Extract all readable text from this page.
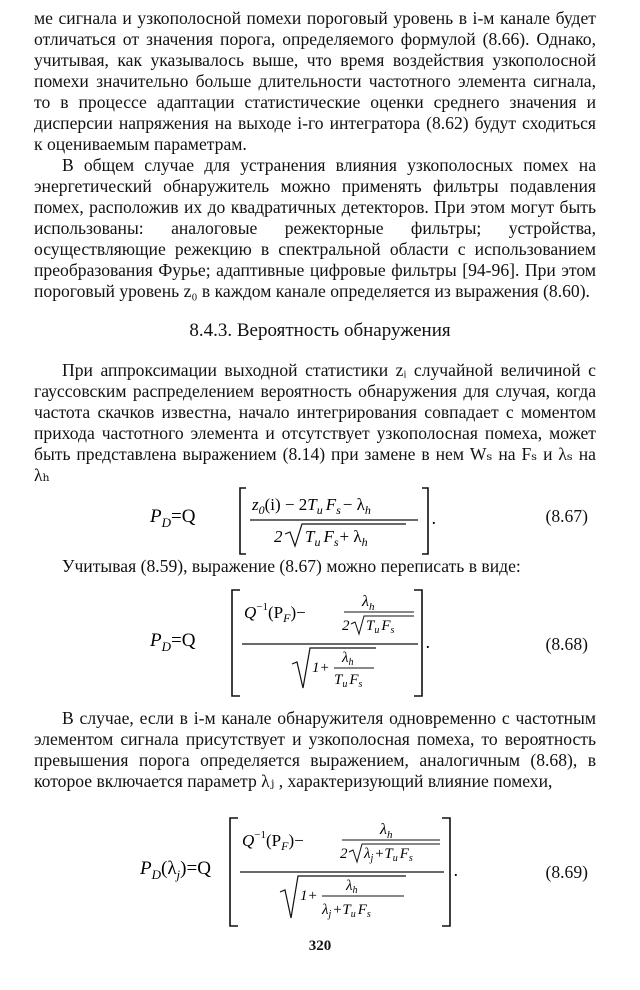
ме сигнала и узкополосной помехи пороговый уровень в i-м канале будет отличаться от значения порога, определяемого формулой (8.66). Однако, учитывая, как указывалось выше, что время воздействия узкополосной помехи значительно больше длительности частотного элемента сигнала, то в процессе адаптации статистические оценки среднего значения и дисперсии напряжения на выходе i-го интегратора (8.62) будут сходиться к оцениваемым параметрам.

В общем случае для устранения влияния узкополосных помех на энергетический обнаружитель можно применять фильтры подавления помех, расположив их до квадратичных детекторов. При этом могут быть использованы: аналоговые режекторные фильтры; устройства, осуществляющие режекцию в спектральной области с использованием преобразования Фурье; адаптивные цифровые фильтры [94-96]. При этом пороговый уровень z₀ в каждом канале определяется из выражения (8.60).

8.4.3. Вероятность обнаружения

При аппроксимации выходной статистики zᵢ случайной величиной с гауссовским распределением вероятность обнаружения для случая, когда частота скачков известна, начало интегрирования совпадает с моментом прихода частотного элемента и отсутствует узкополосная помеха, может быть представлена выражением (8.14) при замене в нем Wₛ на Fₛ и λₛ на λₕ

$P_D=Q$
$z_0(i) - 2T_и$ $F_s - \lambda_h$
2 $T_и$ $F_s+ \lambda_h$
.	(8.67)

Учитывая (8.59), выражение (8.67) можно переписать в виде:

$P_D=Q$
$Q^{-1}(P_F)-$
$\lambda_h$
2 $T_и$ $F_s$
1+
$\lambda_h$
$T_и$ $F_s$
.	(8.68)

В случае, если в i-м канале обнаружителя одновременно с частотным элементом сигнала присутствует и узкополосная помеха, то вероятность превышения порога определяется выражением, аналогичным (8.68), в которое включается параметр λⱼ , характеризующий влияние помехи,

$P_D(\lambda_j)=Q$
$Q^{-1}(P_F)-$
$\lambda_h$
2 $\lambda_j+T_и$ $F_s$
1+
$\lambda_h$
$\lambda_j+T_и$ $F_s$
.	(8.69)
320
